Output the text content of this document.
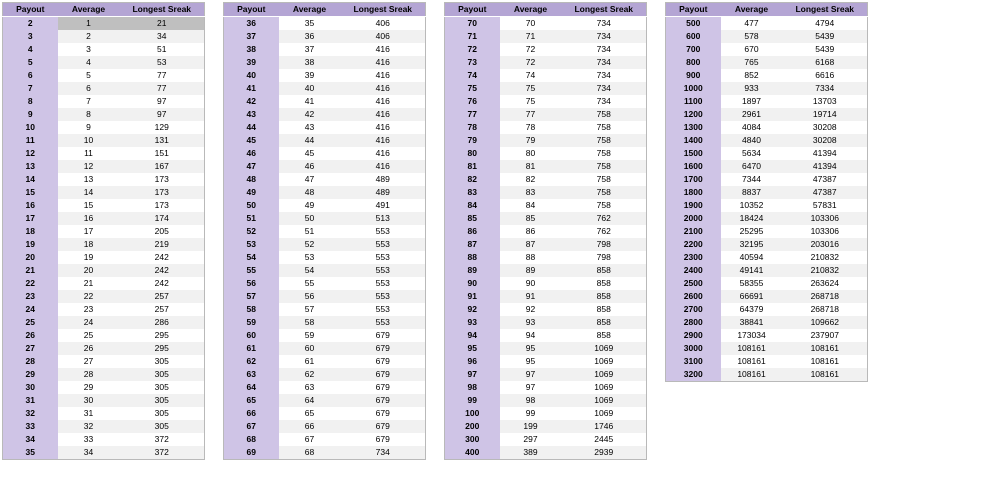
Payout	Average	Longest Sreak
2	1	21
3	2	34
4	3	51
5	4	53
6	5	77
7	6	77
8	7	97
9	8	97
10	9	129
11	10	131
12	11	151
13	12	167
14	13	173
15	14	173
16	15	173
17	16	174
18	17	205
19	18	219
20	19	242
21	20	242
22	21	242
23	22	257
24	23	257
25	24	286
26	25	295
27	26	295
28	27	305
29	28	305
30	29	305
31	30	305
32	31	305
33	32	305
34	33	372
35	34	372
Payout	Average	Longest Sreak
36	35	406
37	36	406
38	37	416
39	38	416
40	39	416
41	40	416
42	41	416
43	42	416
44	43	416
45	44	416
46	45	416
47	46	416
48	47	489
49	48	489
50	49	491
51	50	513
52	51	553
53	52	553
54	53	553
55	54	553
56	55	553
57	56	553
58	57	553
59	58	553
60	59	679
61	60	679
62	61	679
63	62	679
64	63	679
65	64	679
66	65	679
67	66	679
68	67	679
69	68	734
Payout	Average	Longest Sreak
70	70	734
71	71	734
72	72	734
73	72	734
74	74	734
75	75	734
76	75	734
77	77	758
78	78	758
79	79	758
80	80	758
81	81	758
82	82	758
83	83	758
84	84	758
85	85	762
86	86	762
87	87	798
88	88	798
89	89	858
90	90	858
91	91	858
92	92	858
93	93	858
94	94	858
95	95	1069
96	95	1069
97	97	1069
98	97	1069
99	98	1069
100	99	1069
200	199	1746
300	297	2445
400	389	2939
Payout	Average	Longest Sreak
500	477	4794
600	578	5439
700	670	5439
800	765	6168
900	852	6616
1000	933	7334
1100	1897	13703
1200	2961	19714
1300	4084	30208
1400	4840	30208
1500	5634	41394
1600	6470	41394
1700	7344	47387
1800	8837	47387
1900	10352	57831
2000	18424	103306
2100	25295	103306
2200	32195	203016
2300	40594	210832
2400	49141	210832
2500	58355	263624
2600	66691	268718
2700	64379	268718
2800	38841	109662
2900	173034	237907
3000	108161	108161
3100	108161	108161
3200	108161	108161
